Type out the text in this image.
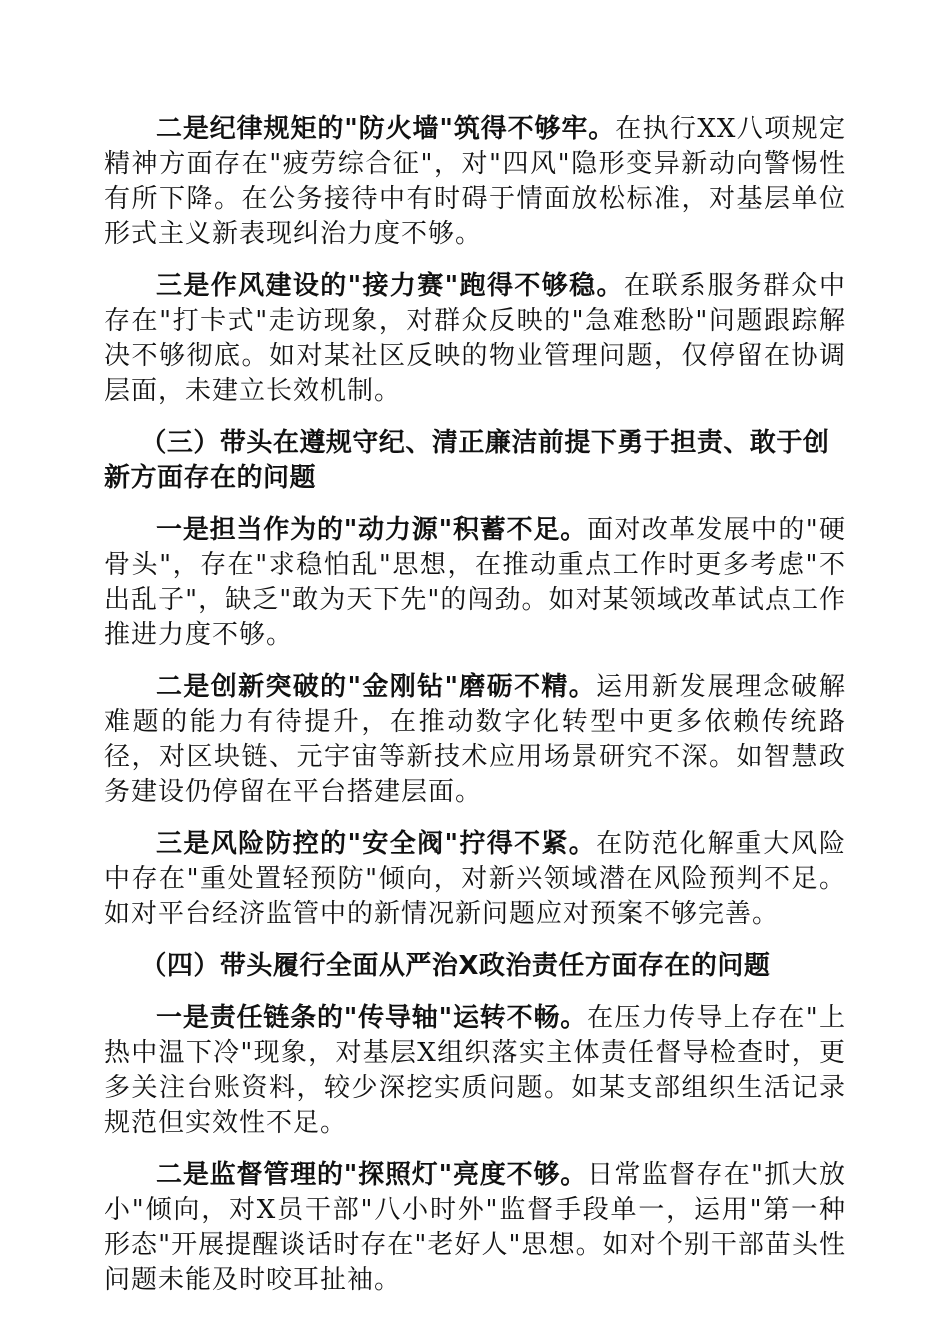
二是纪律规矩的"防火墙"筑得不够牢。在执行XX八项规定精神方面存在"疲劳综合征"，对"四风"隐形变异新动向警惕性有所下降。在公务接待中有时碍于情面放松标准，对基层单位形式主义新表现纠治力度不够。

三是作风建设的"接力赛"跑得不够稳。在联系服务群众中存在"打卡式"走访现象，对群众反映的"急难愁盼"问题跟踪解决不够彻底。如对某社区反映的物业管理问题，仅停留在协调层面，未建立长效机制。

（三）带头在遵规守纪、清正廉洁前提下勇于担责、敢于创新方面存在的问题

一是担当作为的"动力源"积蓄不足。面对改革发展中的"硬骨头"，存在"求稳怕乱"思想，在推动重点工作时更多考虑"不出乱子"，缺乏"敢为天下先"的闯劲。如对某领域改革试点工作推进力度不够。

二是创新突破的"金刚钻"磨砺不精。运用新发展理念破解难题的能力有待提升，在推动数字化转型中更多依赖传统路径，对区块链、元宇宙等新技术应用场景研究不深。如智慧政务建设仍停留在平台搭建层面。

三是风险防控的"安全阀"拧得不紧。在防范化解重大风险中存在"重处置轻预防"倾向，对新兴领域潜在风险预判不足。如对平台经济监管中的新情况新问题应对预案不够完善。

（四）带头履行全面从严治X政治责任方面存在的问题

一是责任链条的"传导轴"运转不畅。在压力传导上存在"上热中温下冷"现象，对基层X组织落实主体责任督导检查时，更多关注台账资料，较少深挖实质问题。如某支部组织生活记录规范但实效性不足。

二是监督管理的"探照灯"亮度不够。日常监督存在"抓大放小"倾向，对X员干部"八小时外"监督手段单一，运用"第一种形态"开展提醒谈话时存在"老好人"思想。如对个别干部苗头性问题未能及时咬耳扯袖。
